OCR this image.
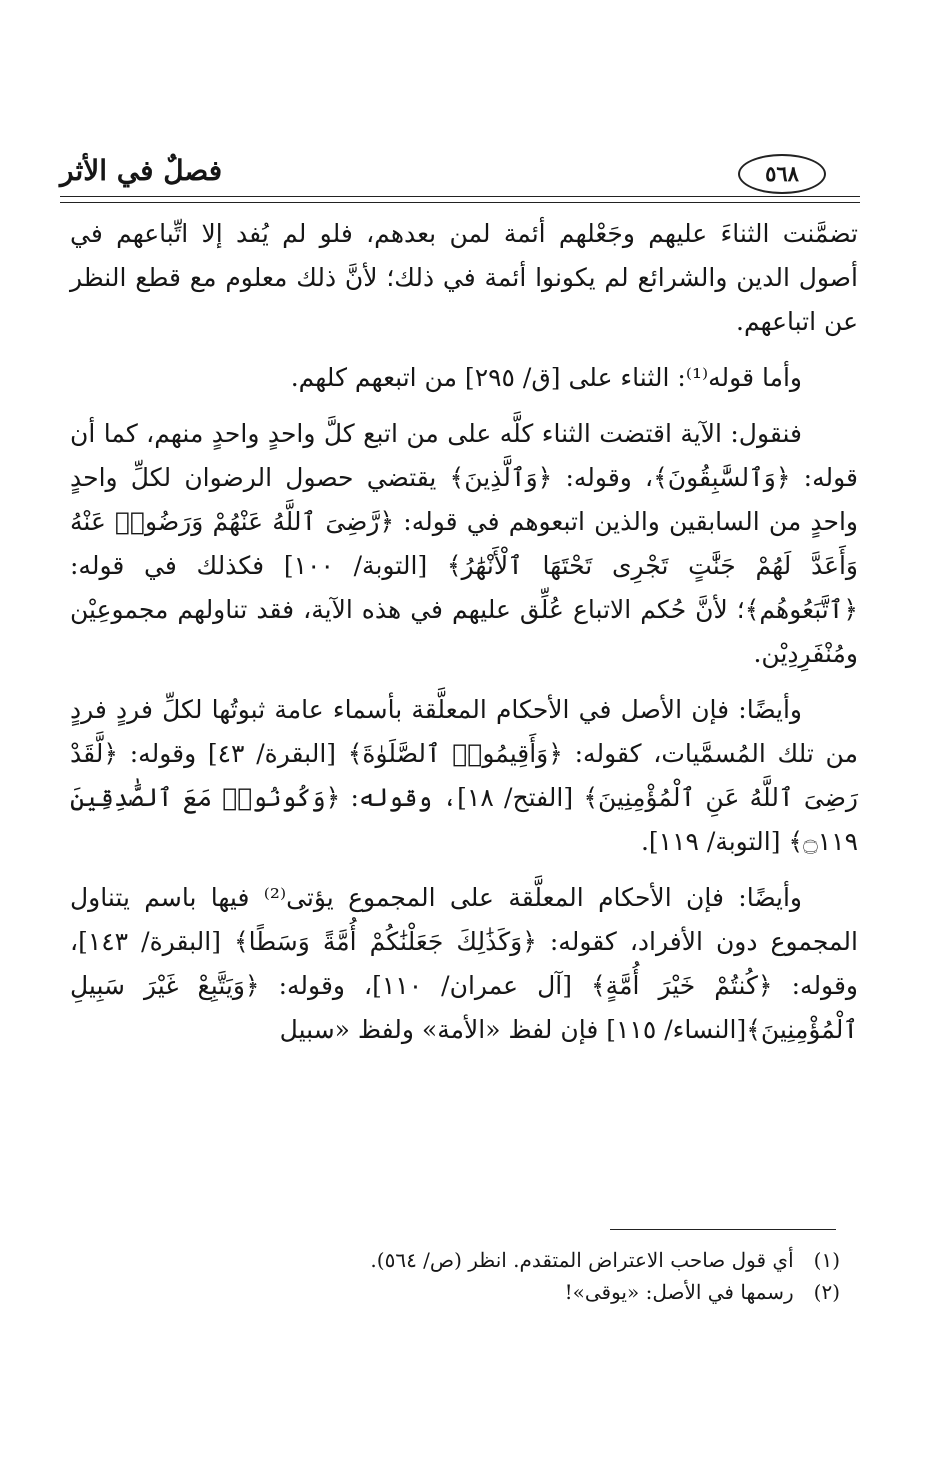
فصلٌ في الأثر	٥٦٨

تضمَّنت الثناءَ عليهم وجَعْلهم أئمة لمن بعدهم، فلو لم يُفد إلا اتِّباعهم في أصول الدين والشرائع لم يكونوا أئمة في ذلك؛ لأنَّ ذلك معلوم مع قطع النظر عن اتباعهم.

وأما قوله⁽¹⁾: الثناء على [ق/ ٢٩٥] من اتبعهم كلهم.

فنقول: الآية اقتضت الثناء كلَّه على من اتبع كلَّ واحدٍ واحدٍ منهم، كما أن قوله: ﴿وَٱلسَّٰبِقُونَ﴾، وقوله: ﴿وَٱلَّذِينَ﴾ يقتضي حصول الرضوان لكلِّ واحدٍ واحدٍ من السابقين والذين اتبعوهم في قوله: ﴿رَّضِىَ ٱللَّهُ عَنْهُمْ وَرَضُوا۟ عَنْهُ وَأَعَدَّ لَهُمْ جَنَّٰتٍ تَجْرِى تَحْتَهَا ٱلْأَنْهَٰرُ﴾ [التوبة/ ١٠٠] فكذلك في قوله: ﴿ٱتَّبَعُوهُم﴾؛ لأنَّ حُكم الاتباع عُلِّق عليهم في هذه الآية، فقد تناولهم مجموعِيْن ومُنْفَرِدِيْن.

وأيضًا: فإن الأصل في الأحكام المعلَّقة بأسماء عامة ثبوتُها لكلِّ فردٍ فردٍ من تلك المُسمَّيات، كقوله: ﴿وَأَقِيمُوا۟ ٱلصَّلَوٰةَ﴾ [البقرة/ ٤٣] وقوله: ﴿لَّقَدْ رَضِىَ ٱللَّهُ عَنِ ٱلْمُؤْمِنِينَ﴾ [الفتح/ ١٨]، وقوله: ﴿وَكُونُوا۟ مَعَ ٱلصَّٰدِقِينَ ۝١١٩﴾ [التوبة/ ١١٩].

وأيضًا: فإن الأحكام المعلَّقة على المجموع يؤتى⁽²⁾ فيها باسم يتناول المجموع دون الأفراد، كقوله: ﴿وَكَذَٰلِكَ جَعَلْنَٰكُمْ أُمَّةً وَسَطًا﴾ [البقرة/ ١٤٣]، وقوله: ﴿كُنتُمْ خَيْرَ أُمَّةٍ﴾ [آل عمران/ ١١٠]، وقوله: ﴿وَيَتَّبِعْ غَيْرَ سَبِيلِ ٱلْمُؤْمِنِينَ﴾[النساء/ ١١٥] فإن لفظ «الأمة» ولفظ «سبيل

(١) أي قول صاحب الاعتراض المتقدم. انظر (ص/ ٥٦٤).

(٢) رسمها في الأصل: «يوقى»!
